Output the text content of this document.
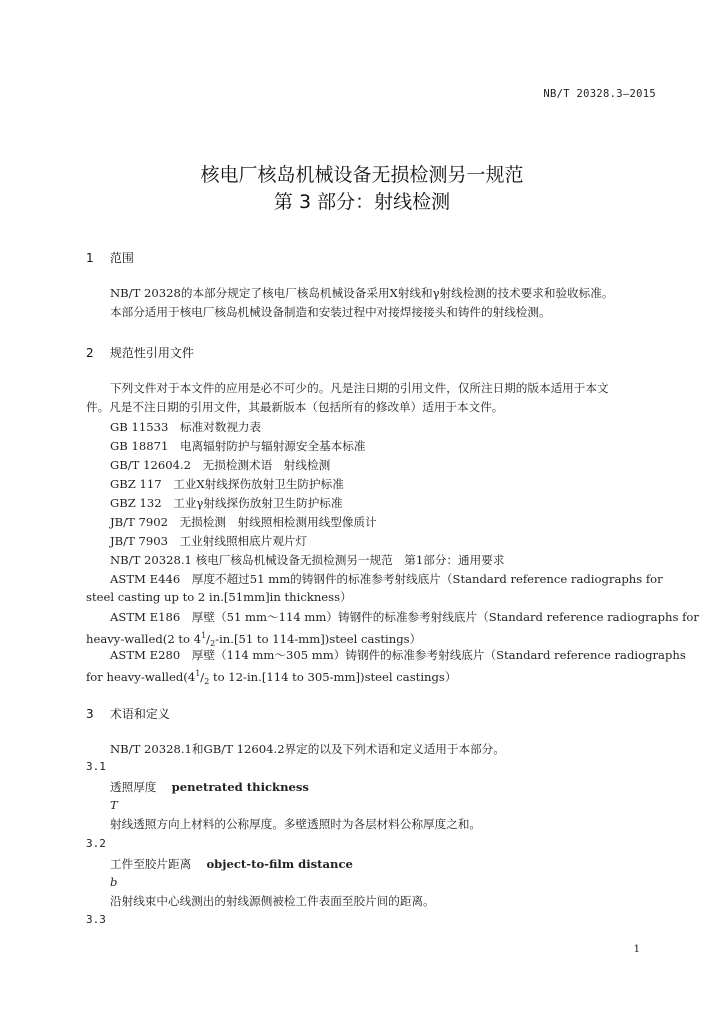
NB/T 20328.3—2015
核电厂核岛机械设备无损检测另一规范
第 3 部分：射线检测
1 范围
NB/T 20328的本部分规定了核电厂核岛机械设备采用X射线和γ射线检测的技术要求和验收标准。
本部分适用于核电厂核岛机械设备制造和安装过程中对接焊接接头和铸件的射线检测。
2 规范性引用文件
下列文件对于本文件的应用是必不可少的。凡是注日期的引用文件，仅所注日期的版本适用于本文
件。凡是不注日期的引用文件，其最新版本（包括所有的修改单）适用于本文件。
GB 11533　标准对数视力表
GB 18871　电离辐射防护与辐射源安全基本标准
GB/T 12604.2　无损检测术语　射线检测
GBZ 117　工业X射线探伤放射卫生防护标准
GBZ 132　工业γ射线探伤放射卫生防护标准
JB/T 7902　无损检测　射线照相检测用线型像质计
JB/T 7903　工业射线照相底片观片灯
NB/T 20328.1 核电厂核岛机械设备无损检测另一规范　第1部分：通用要求
ASTM E446　厚度不超过51 mm的铸钢件的标准参考射线底片（Standard reference radiographs for
steel casting up to 2 in.[51mm]in thickness）
ASTM E186　厚壁（51 mm～114 mm）铸钢件的标准参考射线底片（Standard reference radiographs for
heavy-walled(2 to $4^1/_2-in.[51$ to 114-mm])steel castings）
ASTM E280　厚壁（114 mm～305 mm）铸钢件的标准参考射线底片（Standard reference radiographs
for heavy-$walled(4^1/_2$ to 12-in.[114 to 305-mm])steel castings）
3 术语和定义
NB/T 20328.1和GB/T 12604.2界定的以及下列术语和定义适用于本部分。
3.1
透照厚度　 penetrated thickness
T
射线透照方向上材料的公称厚度。多壁透照时为各层材料公称厚度之和。
3.2
工件至胶片距离　 object-to-film distance
b
沿射线束中心线测出的射线源侧被检工件表面至胶片间的距离。
3.3
1
